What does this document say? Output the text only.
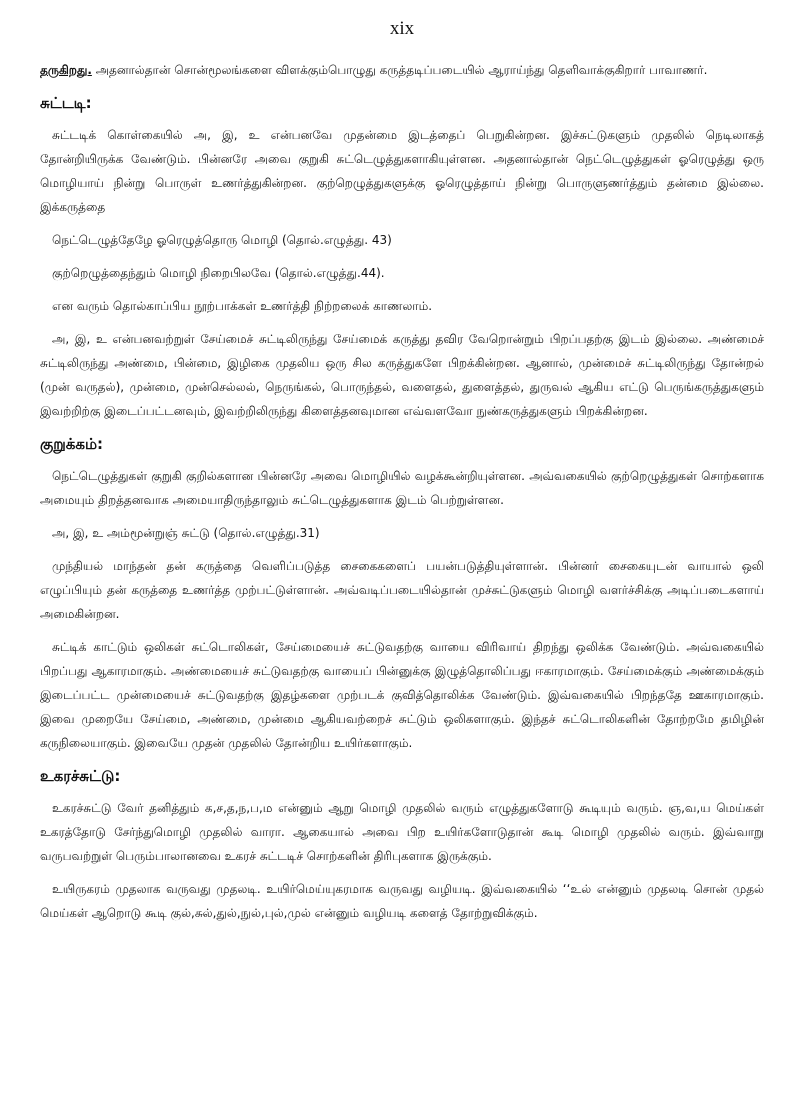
xix

தருகிறது. அதனால்தான் சொன்மூலங்களை விளக்கும்பொழுது கருத்தடிப்படையில் ஆராய்ந்து தெளிவாக்குகிறார் பாவாணர்.

சுட்டடி:

சுட்டடிக் கொள்கையில் அ, இ, உ என்பனவே முதன்மை இடத்தைப் பெறுகின்றன. இச்சுட்டுகளும் முதலில் நெடிலாகத் தோன்றியிருக்க வேண்டும். பின்னரே அவை குறுகி சுட்டெழுத்துகளாகியுள்ளன. அதனால்தான் நெட்டெழுத்துகள் ஓரெழுத்து ஒரு மொழியாய் நின்று பொருள் உணர்த்துகின்றன. குற்றெழுத்துகளுக்கு ஓரெழுத்தாய் நின்று பொருளுணர்த்தும் தன்மை இல்லை. இக்கருத்தை

நெட்டெழுத்தேழே ஓரெழுத்தொரு மொழி (தொல்.எழுத்து. 43)

குற்றெழுத்தைந்தும் மொழி நிறைபிலவே (தொல்.எழுத்து.44).

என வரும் தொல்காப்பிய நூற்பாக்கள் உணர்த்தி நிற்றலைக் காணலாம்.

அ, இ, உ என்பனவற்றுள் சேய்மைச் சுட்டிலிருந்து சேய்மைக் கருத்து தவிர வேறொன்றும் பிறப்பதற்கு இடம் இல்லை. அண்மைச் சுட்டிலிருந்து அண்மை, பின்மை, இழிகை முதலிய ஒரு சில கருத்துகளே பிறக்கின்றன. ஆனால், முன்மைச் சுட்டிலிருந்து தோன்றல் (முன் வருதல்), முன்மை, முன்செல்லல், நெருங்கல், பொருந்தல், வளைதல், துளைத்தல், துருவல் ஆகிய எட்டு பெருங்கருத்துகளும் இவற்றிற்கு இடைப்பட்டனவும், இவற்றிலிருந்து கிளைத்தனவுமான எவ்வளவோ நுண்கருத்துகளும் பிறக்கின்றன.

குறுக்கம்:

நெட்டெழுத்துகள் குறுகி குறில்களான பின்னரே அவை மொழியில் வழக்கூன்றியுள்ளன. அவ்வகையில் குற்றெழுத்துகள் சொற்களாக அமையும் திறத்தனவாக அமையாதிருந்தாலும் சுட்டெழுத்துகளாக இடம் பெற்றுள்ளன.

அ, இ, உ அம்மூன்றுஞ் சுட்டு (தொல்.எழுத்து.31)

முந்தியல் மாந்தன் தன் கருத்தை வெளிப்படுத்த சைகைகளைப் பயன்படுத்தியுள்ளான். பின்னர் சைகையுடன் வாயால் ஒலி எழுப்பியும் தன் கருத்தை உணர்த்த முற்பட்டுள்ளான். அவ்வடிப்படையில்தான் முச்சுட்டுகளும் மொழி வளர்ச்சிக்கு அடிப்படைகளாய் அமைகின்றன.

சுட்டிக் காட்டும் ஒலிகள் சுட்டொலிகள், சேய்மையைச் சுட்டுவதற்கு வாயை விரிவாய் திறந்து ஒலிக்க வேண்டும். அவ்வகையில் பிறப்பது ஆகாரமாகும். அண்மையைச் சுட்டுவதற்கு வாயைப் பின்னுக்கு இழுத்தொலிப்பது ஈகாரமாகும். சேய்மைக்கும் அண்மைக்கும் இடைப்பட்ட முன்மையைச் சுட்டுவதற்கு இதழ்களை முற்படக் குவித்தொலிக்க வேண்டும். இவ்வகையில் பிறந்ததே ஊகாரமாகும். இவை முறையே சேய்மை, அண்மை, முன்மை ஆகியவற்றைச் சுட்டும் ஒலிகளாகும். இந்தச் சுட்டொலிகளின் தோற்றமே தமிழின் கருநிலையாகும். இவையே முதன் முதலில் தோன்றிய உயிர்களாகும்.

உகரச்சுட்டு:

உகரச்சுட்டு வேர் தனித்தும் க,ச,த,ந,ப,ம என்னும் ஆறு மொழி முதலில் வரும் எழுத்துகளோடு கூடியும் வரும். ஞ,வ,ய மெய்கள் உகரத்தோடு சேர்ந்துமொழி முதலில் வாரா. ஆகையால் அவை பிற உயிர்களோடுதான் கூடி மொழி முதலில் வரும். இவ்வாறு வருபவற்றுள் பெரும்பாலானவை உகரச் சுட்டடிச் சொற்களின் திரிபுகளாக இருக்கும்.

உயிருகரம் முதலாக வருவது முதலடி. உயிர்மெய்யுகரமாக வருவது வழியடி. இவ்வகையில் ‘‘உல் என்னும் முதலடி சொன் முதல் மெய்கள் ஆறொடு கூடி குல்,சுல்,துல்,நுல்,புல்,முல் என்னும் வழியடி களைத் தோற்றுவிக்கும்.
